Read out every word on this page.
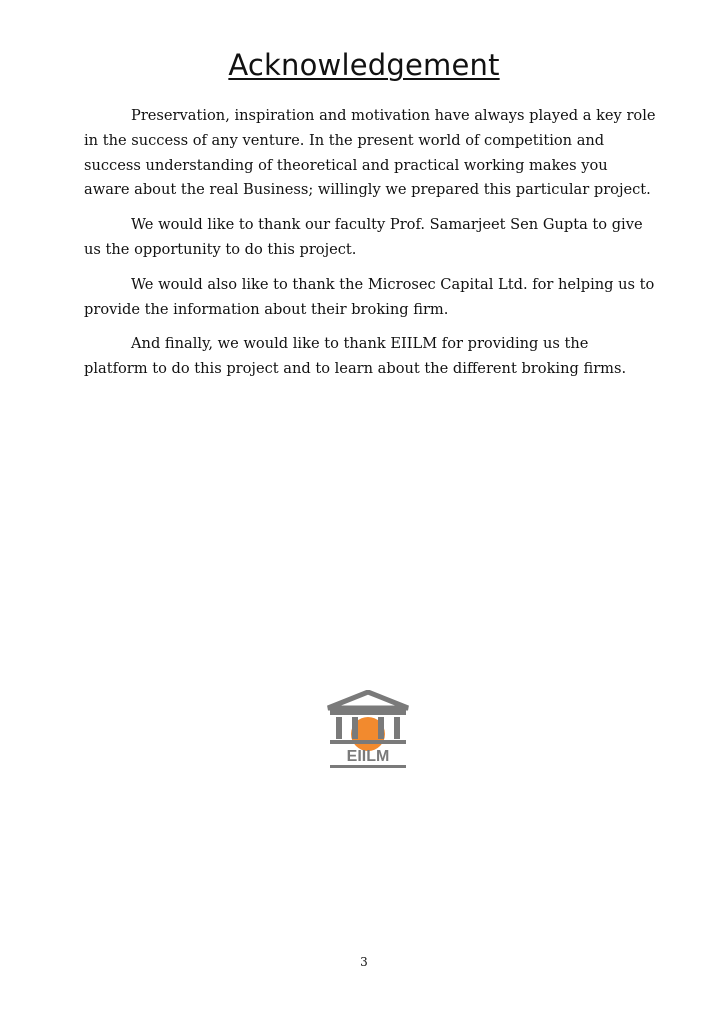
Acknowledgement

Preservation, inspiration and motivation have always played a key role in the success of any venture. In the present world of competition and success understanding of theoretical and practical working makes you aware about the real Business; willingly we prepared this particular project.

We would like to thank our faculty Prof. Samarjeet Sen Gupta to give us the opportunity to do this project.

We would also like to thank the Microsec Capital Ltd. for helping us to provide the information about their broking firm.

And finally, we would like to thank EIILM for providing us the platform to do this project and to learn about the different broking firms.

EIILM
3
